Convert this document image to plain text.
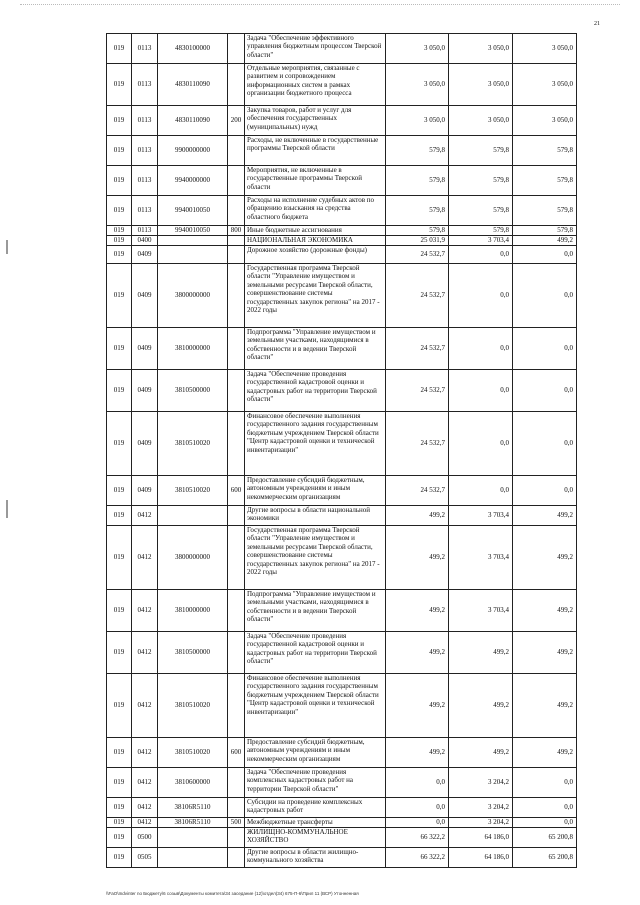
21
019	0113	4830100000		Задача "Обеспечение эффективного управления бюджетным процессом Тверской области"	3 050,0	3 050,0	3 050,0
019	0113	4830110090		Отдельные мероприятия, связанные с развитием и сопровождением информационных систем в рамках организации бюджетного процесса	3 050,0	3 050,0	3 050,0
019	0113	4830110090	200	Закупка товаров, работ и услуг для обеспечения государственных (муниципальных) нужд	3 050,0	3 050,0	3 050,0
019	0113	9900000000		Расходы, не включенные в государственные программы Тверской области	579,8	579,8	579,8
019	0113	9940000000		Мероприятия, не включенные в государственные программы Тверской области	579,8	579,8	579,8
019	0113	9940010050		Расходы на исполнение судебных актов по обращению взыскания на средства областного бюджета	579,8	579,8	579,8
019	0113	9940010050	800	Иные бюджетные ассигнования	579,8	579,8	579,8
019	0400			НАЦИОНАЛЬНАЯ ЭКОНОМИКА	25 031,9	3 703,4	499,2
019	0409			Дорожное хозяйство (дорожные фонды)	24 532,7	0,0	0,0
019	0409	3800000000		Государственная программа Тверской области "Управление имуществом и земельными ресурсами Тверской области, совершенствование системы государственных закупок региона" на 2017 - 2022 годы	24 532,7	0,0	0,0
019	0409	3810000000		Подпрограмма "Управление имуществом и земельными участками, находящимися в собственности и в ведении Тверской области"	24 532,7	0,0	0,0
019	0409	3810500000		Задача "Обеспечение проведения государственной кадастровой оценки и кадастровых работ на территории Тверской области"	24 532,7	0,0	0,0
019	0409	3810510020		Финансовое обеспечение выполнения государственного задания государственным бюджетным учреждением Тверской области "Центр кадастровой оценки и технической инвентаризации"	24 532,7	0,0	0,0
019	0409	3810510020	600	Предоставление субсидий бюджетным, автономным учреждениям и иным некоммерческим организациям	24 532,7	0,0	0,0
019	0412			Другие вопросы в области национальной экономики	499,2	3 703,4	499,2
019	0412	3800000000		Государственная программа Тверской области "Управление имуществом и земельными ресурсами Тверской области, совершенствование системы государственных закупок региона" на 2017 - 2022 годы	499,2	3 703,4	499,2
019	0412	3810000000		Подпрограмма "Управление имуществом и земельными участками, находящимися в собственности и в ведении Тверской области"	499,2	3 703,4	499,2
019	0412	3810500000		Задача "Обеспечение проведения государственной кадастровой оценки и кадастровых работ на территории Тверской области"	499,2	499,2	499,2
019	0412	3810510020		Финансовое обеспечение выполнения государственного задания государственным бюджетным учреждением Тверской области "Центр кадастровой оценки и технической инвентаризации"	499,2	499,2	499,2
019	0412	3810510020	600	Предоставление субсидий бюджетным, автономным учреждениям и иным некоммерческим организациям	499,2	499,2	499,2
019	0412	3810600000		Задача "Обеспечение проведения комплексных кадастровых работ на территории Тверской области"	0,0	3 204,2	0,0
019	0412	38106R5110		Субсидии на проведение комплексных кадастровых работ	0,0	3 204,2	0,0
019	0412	38106R5110	500	Межбюджетные трансферты	0,0	3 204,2	0,0
019	0500			ЖИЛИЩНО-КОММУНАЛЬНОЕ ХОЗЯЙСТВО	66 322,2	64 186,0	65 200,8
019	0505			Другие вопросы в области жилищно-коммунального хозяйства	66 322,2	64 186,0	65 200,8
\\FaO\Indvinter no Бюджету\6 созыв\Документы комитета\34 заседание (12)\отдел(34) 675-П-6\Прил 11 (ВСР) Утонненная
